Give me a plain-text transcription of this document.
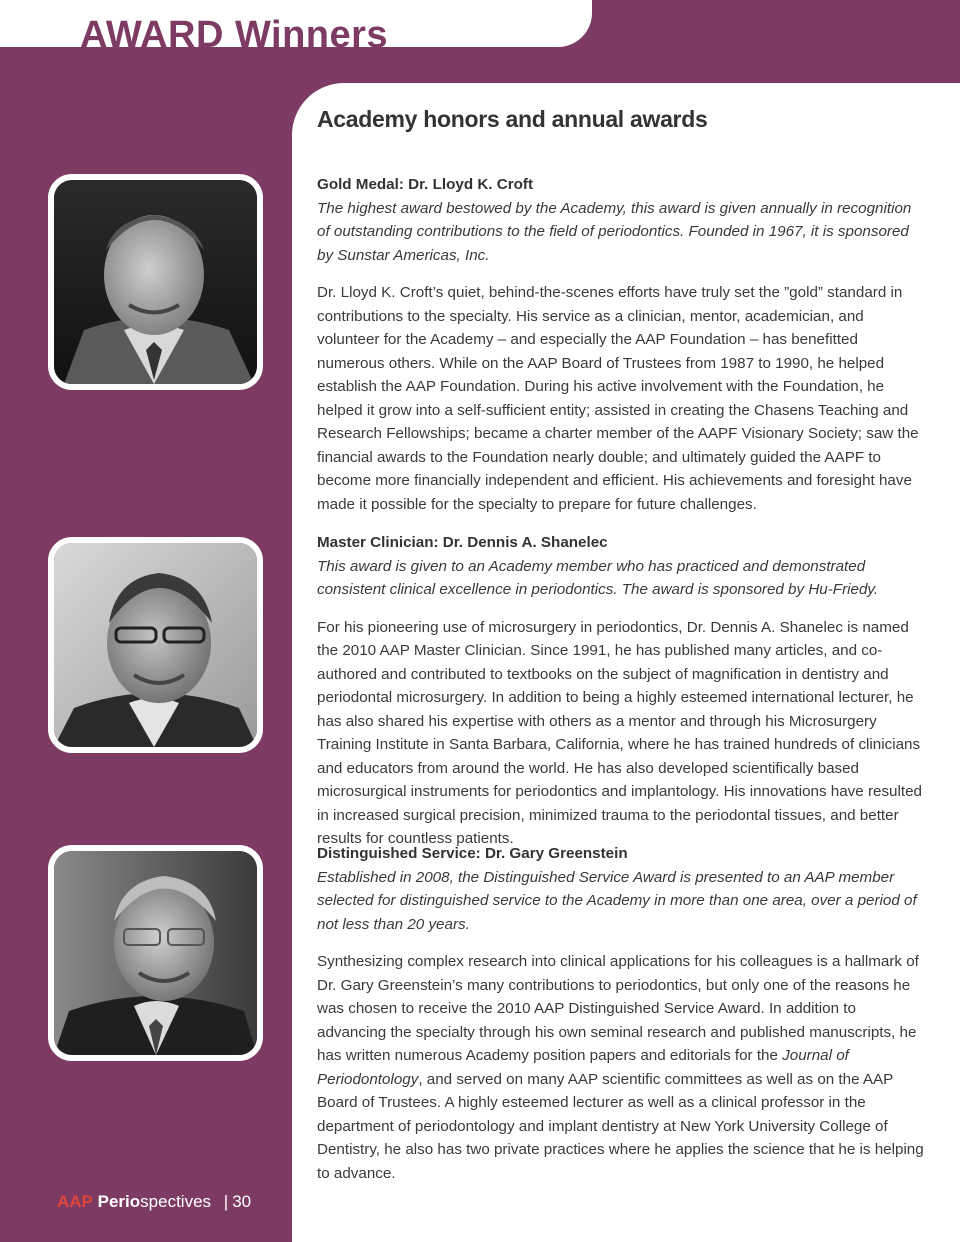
AWARD Winners
Academy honors and annual awards

Gold Medal: Dr. Lloyd K. Croft

The highest award bestowed by the Academy, this award is given annually in recognition of outstanding contributions to the field of periodontics. Founded in 1967, it is sponsored by Sunstar Americas, Inc.

Dr. Lloyd K. Croft’s quiet, behind-the-scenes efforts have truly set the ”gold” standard in contributions to the specialty. His service as a clinician, mentor, academician, and volunteer for the Academy – and especially the AAP Foundation – has benefitted numerous others. While on the AAP Board of Trustees from 1987 to 1990, he helped establish the AAP Foundation. During his active involvement with the Foundation, he helped it grow into a self-sufficient entity; assisted in creating the Chasens Teaching and Research Fellowships; became a charter member of the AAPF Visionary Society; saw the financial awards to the Foundation nearly double; and ultimately guided the AAPF to become more financially independent and efficient. His achievements and foresight have made it possible for the specialty to prepare for future challenges.

Master Clinician: Dr. Dennis A. Shanelec

This award is given to an Academy member who has practiced and demonstrated consistent clinical excellence in periodontics. The award is sponsored by Hu-Friedy.

For his pioneering use of microsurgery in periodontics, Dr. Dennis A. Shanelec is named the 2010 AAP Master Clinician. Since 1991, he has published many articles, and co-authored and contributed to textbooks on the subject of magnification in dentistry and periodontal microsurgery. In addition to being a highly esteemed international lecturer, he has also shared his expertise with others as a mentor and through his Microsurgery Training Institute in Santa Barbara, California, where he has trained hundreds of clinicians and educators from around the world. He has also developed scientifically based microsurgical instruments for periodontics and implantology. His innovations have resulted in increased surgical precision, minimized trauma to the periodontal tissues, and better results for countless patients.

Distinguished Service: Dr. Gary Greenstein

Established in 2008, the Distinguished Service Award is presented to an AAP member selected for distinguished service to the Academy in more than one area, over a period of not less than 20 years.

Synthesizing complex research into clinical applications for his colleagues is a hallmark of Dr. Gary Greenstein’s many contributions to periodontics, but only one of the reasons he was chosen to receive the 2010 AAP Distinguished Service Award. In addition to advancing the specialty through his own seminal research and published manuscripts, he has written numerous Academy position papers and editorials for the Journal of Periodontology, and served on many AAP scientific committees as well as on the AAP Board of Trustees. A highly esteemed lecturer as well as a clinical professor in the department of periodontology and implant dentistry at New York University College of Dentistry, he also has two private practices where he applies the science that he is helping to advance.

AAP Periospectives | 30
